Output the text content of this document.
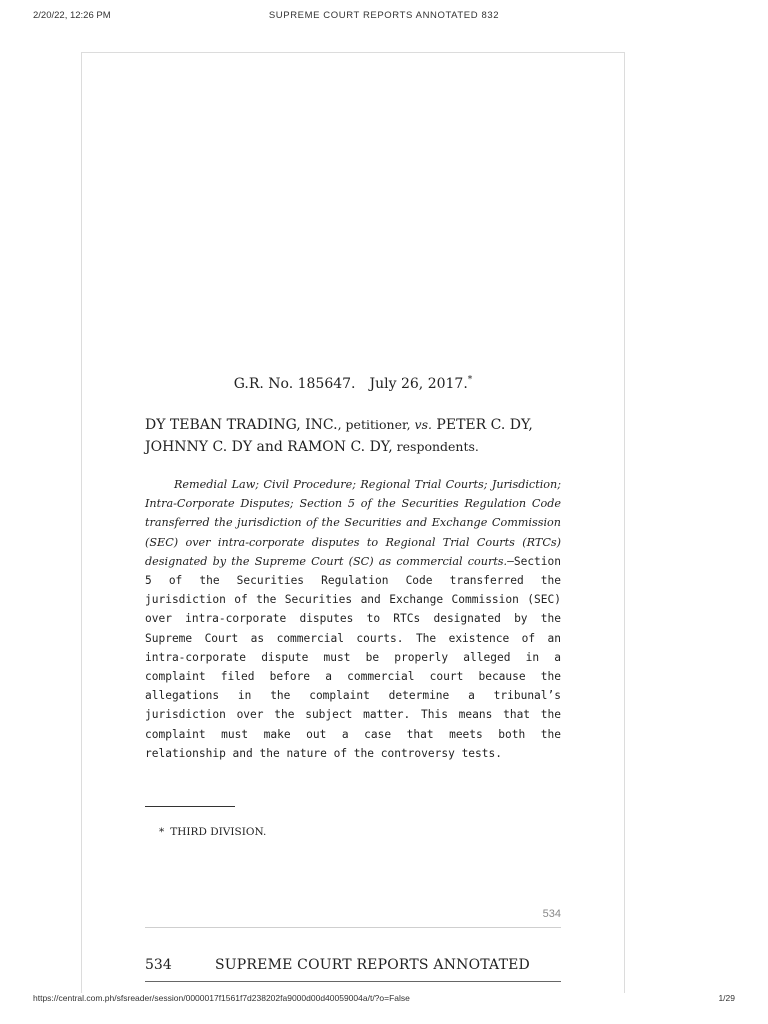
2/20/22, 12:26 PM	SUPREME COURT REPORTS ANNOTATED 832
G.R. No. 185647. July 26, 2017.*
DY TEBAN TRADING, INC., petitioner, vs. PETER C. DY,
JOHNNY C. DY and RAMON C. DY, respondents.
Remedial Law; Civil Procedure; Regional Trial Courts; Jurisdiction; Intra-Corporate Disputes; Section 5 of the Securities Regulation Code transferred the jurisdiction of the Securities and Exchange Commission (SEC) over intra-corporate disputes to Regional Trial Courts (RTCs) designated by the Supreme Court (SC) as commercial courts.—Section 5 of the Securities Regulation Code transferred the jurisdiction of the Securities and Exchange Commission (SEC) over intra-corporate disputes to RTCs designated by the Supreme Court as commercial courts. The existence of an intra-corporate dispute must be properly alleged in a complaint filed before a commercial court because the allegations in the complaint determine a tribunal’s jurisdiction over the subject matter. This means that the complaint must make out a case that meets both the relationship and the nature of the controversy tests.
* THIRD DIVISION.
534
534	SUPREME COURT REPORTS ANNOTATED
https://central.com.ph/sfsreader/session/0000017f1561f7d238202fa9000d00d40059004a/t/?o=False	1/29
